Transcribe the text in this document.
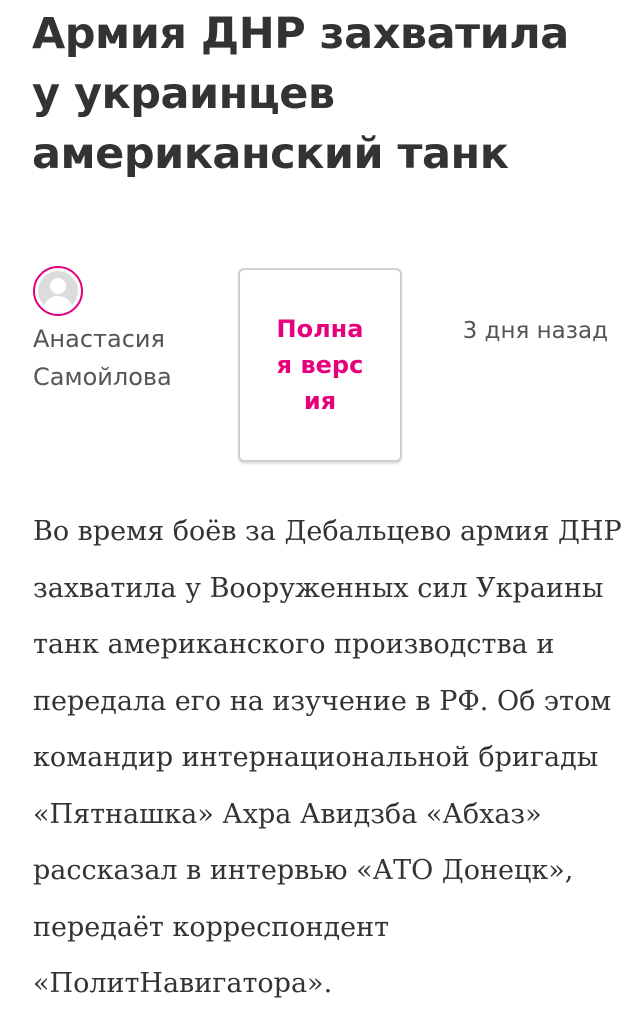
Армия ДНР захватила
у украинцев
американский танк
Анастасия
Самойлова
Полная версия
3 дня назад
Во время боёв за Дебальцево армия ДНР
захватила у Вооруженных сил Украины
танк американского производства и
передала его на изучение в РФ. Об этом
командир интернациональной бригады
«Пятнашка» Ахра Авидзба «Абхаз»
рассказал в интервью «АТО Донецк»,
передаёт корреспондент
«ПолитНавигатора».
